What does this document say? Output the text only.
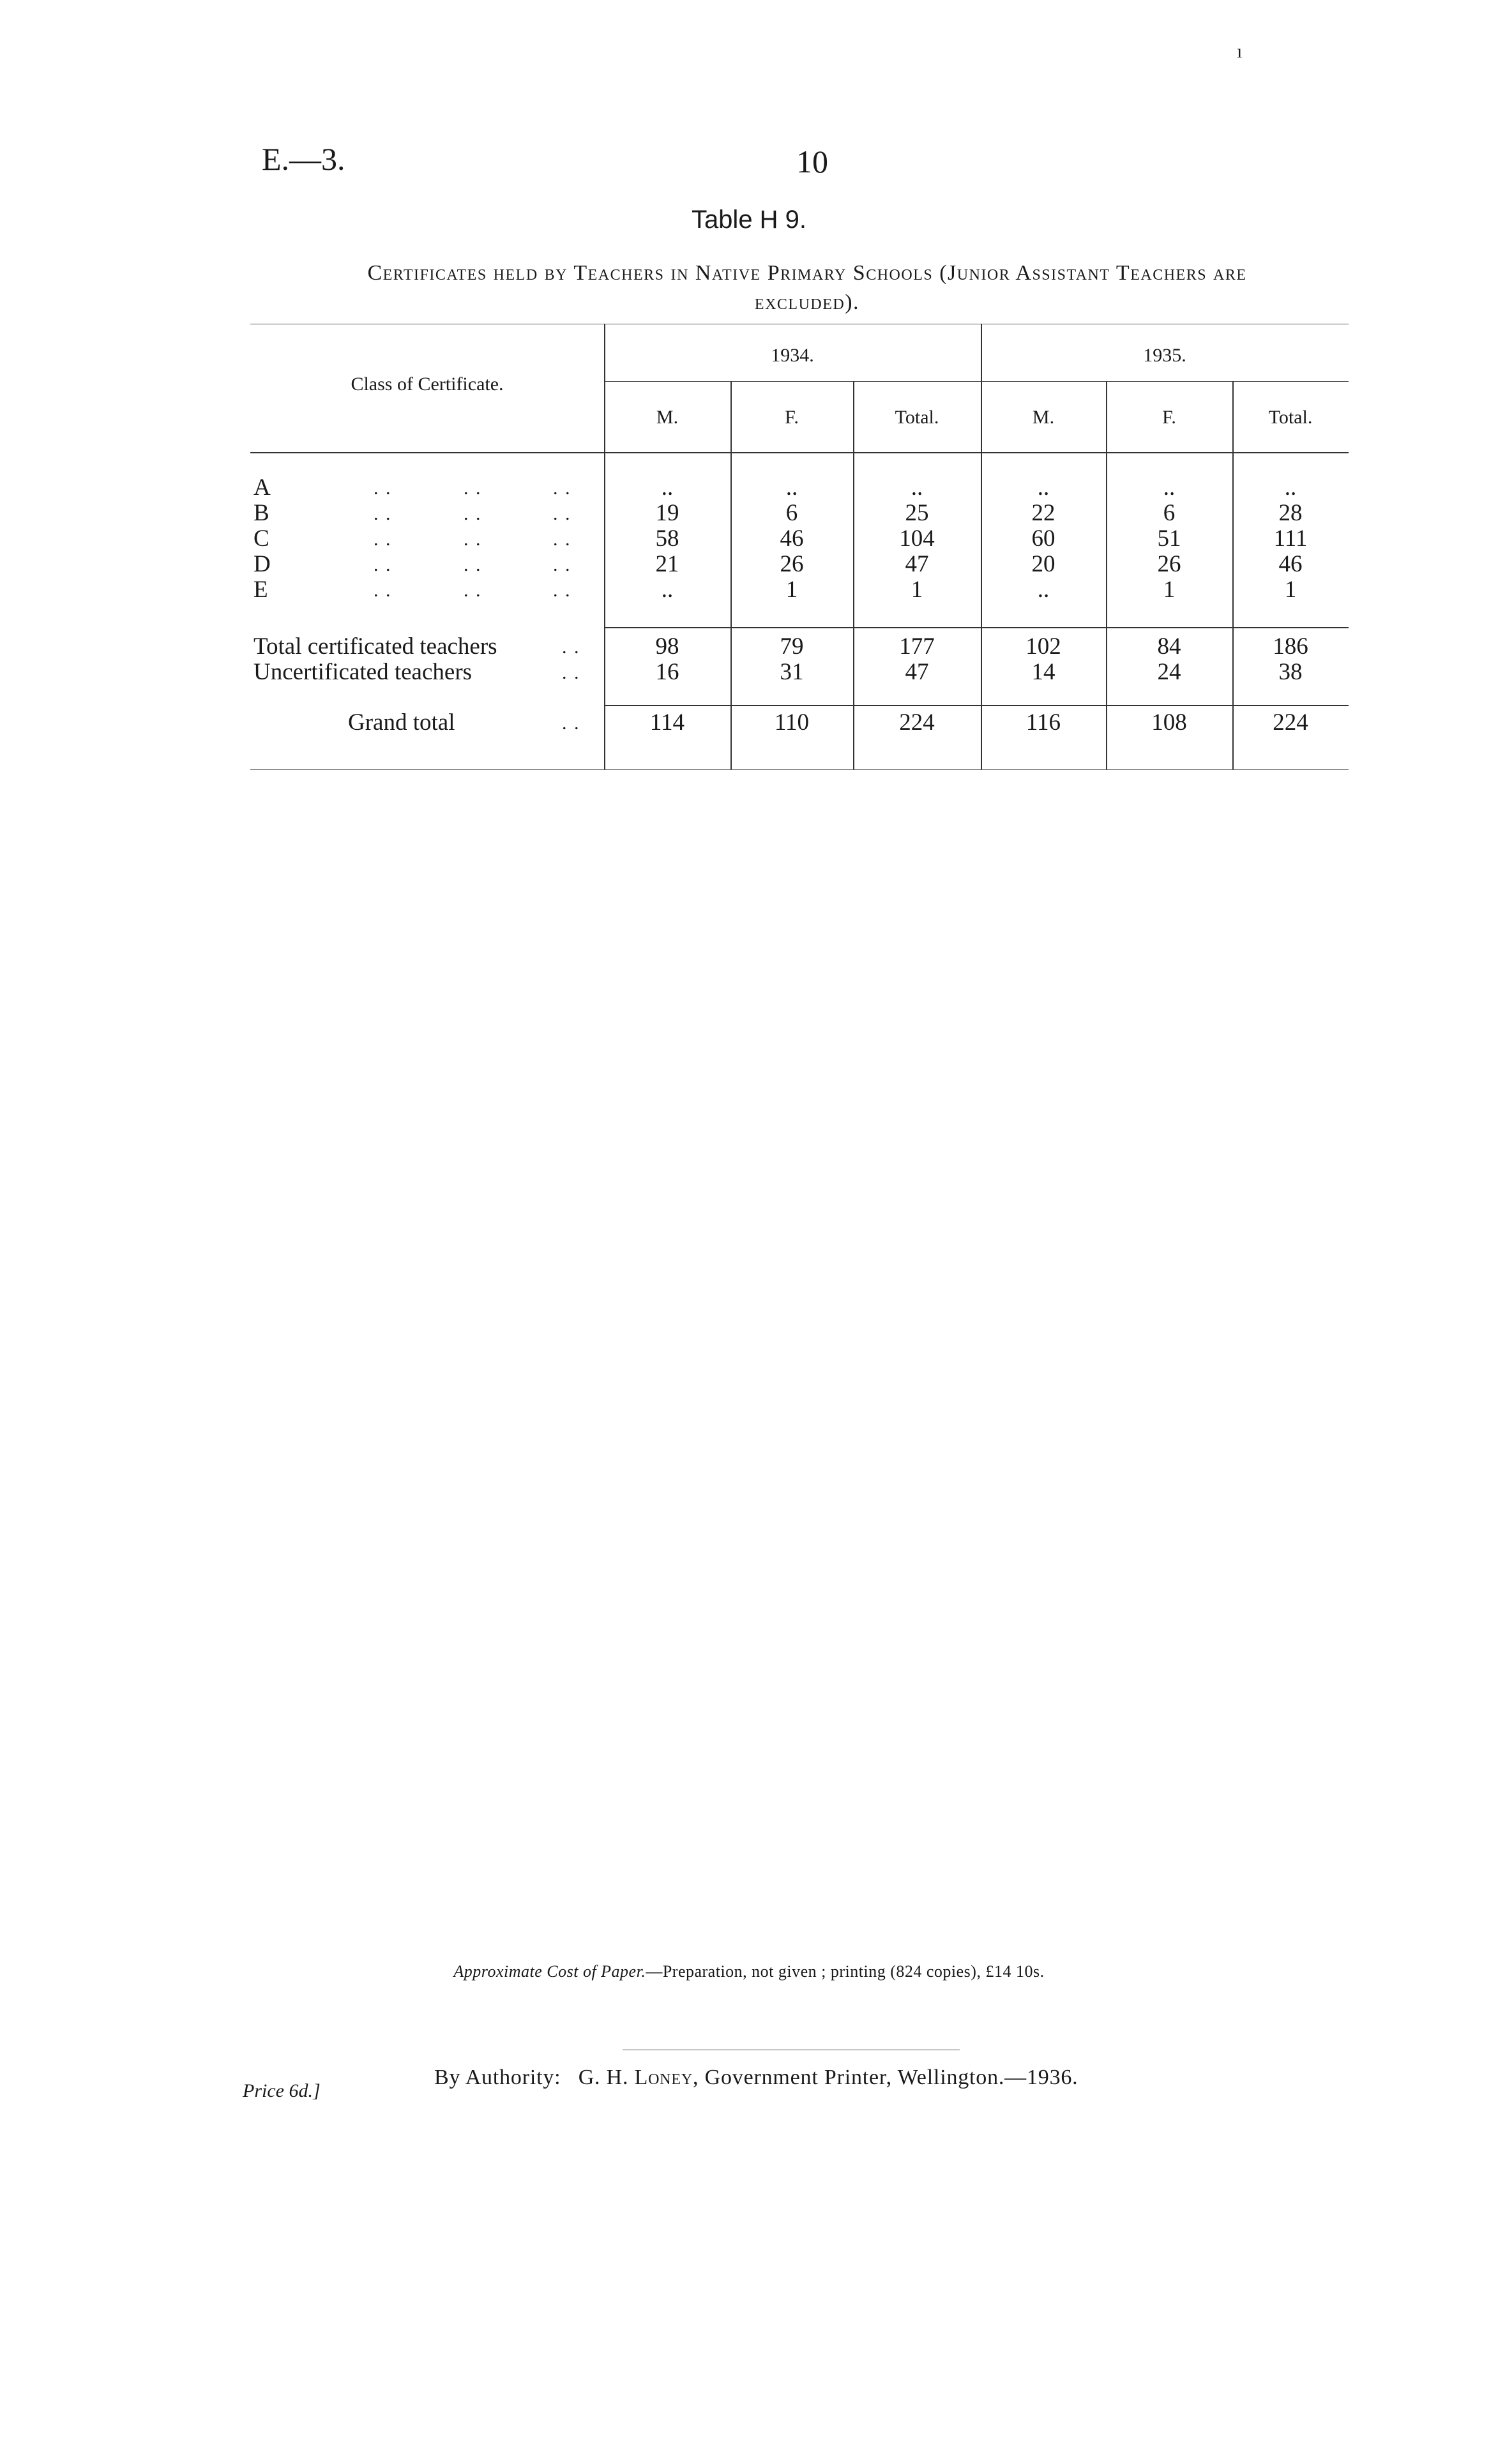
ı
E.—3.	10
Table H 9.
Certificates held by Teachers in Native Primary Schools (Junior Assistant Teachers are
excluded).
Class of Certificate.
1934.	1935.
M.	F.	Total.	M.	F.	Total.
A	. .	. .	. .	..	..	..	..	..	..
B	. .	. .	. .	19	6	25	22	6	28
C	. .	. .	. .	58	46	104	60	51	111
D	. .	. .	. .	21	26	47	20	26	46
E	. .	. .	. .	..	1	1	..	1	1
Total certificated teachers	. .	98	79	177	102	84	186
Uncertificated teachers	. .	16	31	47	14	24	38
Grand total	. .	114	110	224	116	108	224
Approximate Cost of Paper.—Preparation, not given ; printing (824 copies), £14 10s.
By Authority: G. H. Loney, Government Printer, Wellington.—1936.
Price 6d.]
